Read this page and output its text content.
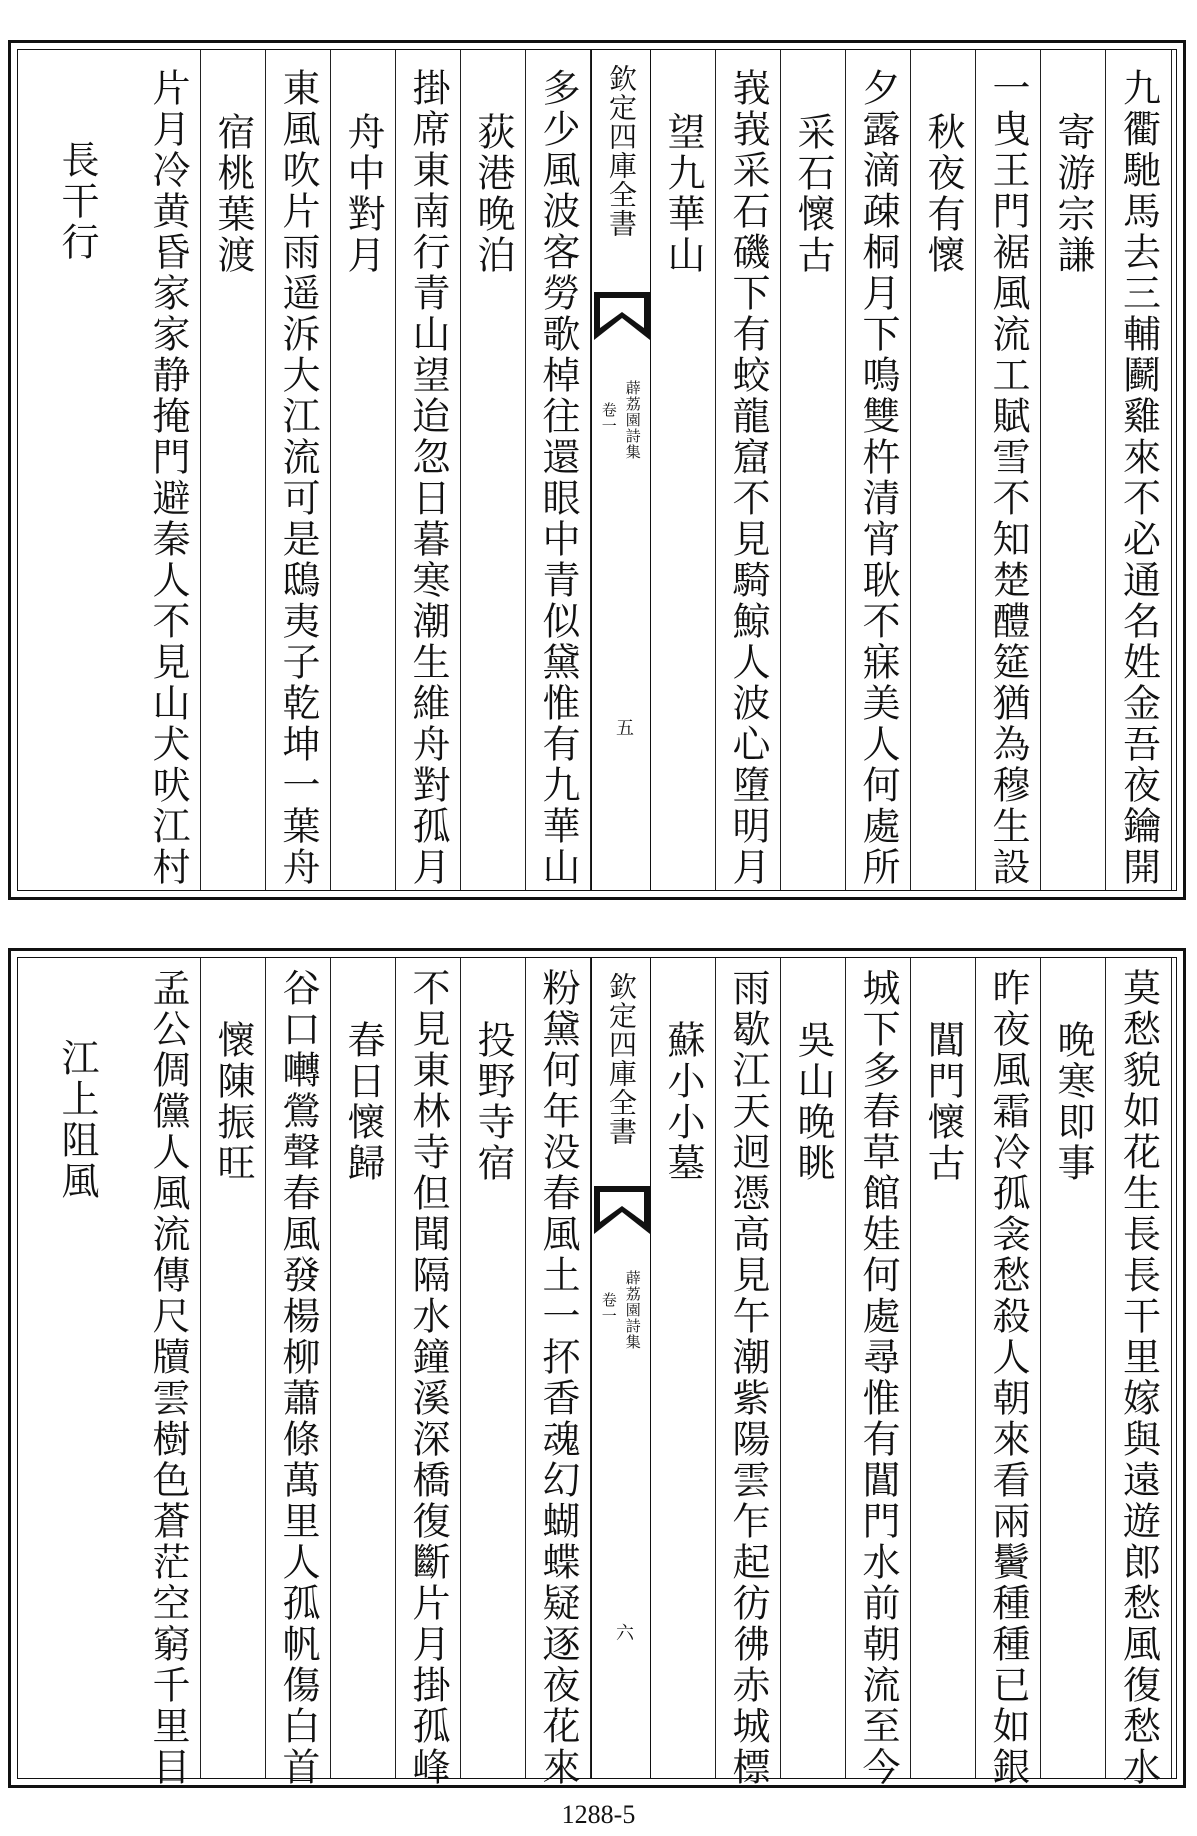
九衢馳馬去三輔鬬雞來不必通名姓金吾夜鑰開
寄游宗謙
一曳王門裾風流工賦雪不知楚醴筵猶為穆生設
秋夜有懷
夕露滴疎桐月下鳴雙杵清宵耿不寐美人何處所
采石懷古
峩峩采石磯下有蛟龍窟不見騎鯨人波心墮明月
望九華山
欽定四庫全書
薜荔園詩集
卷一
五
多少風波客勞歌棹往還眼中青似黛惟有九華山
荻港晚泊
掛席東南行青山望迨忽日暮寒潮生維舟對孤月
舟中對月
東風吹片雨遥泝大江流可是鴟夷子乾坤一葉舟
宿桃葉渡
片月冷黄昏家家静掩門避秦人不見山犬吠江村
長干行
莫愁貌如花生長長干里嫁與遠遊郎愁風復愁水
晚寒即事
昨夜風霜冷孤衾愁殺人朝來看兩鬢種種已如銀
閶門懷古
城下多春草館娃何處尋惟有閶門水前朝流至今
吳山晚眺
雨歇江天迥憑高見午潮紫陽雲乍起彷彿赤城標
蘇小小墓
欽定四庫全書
薜荔園詩集
卷一
六
粉黛何年没春風土一抔香魂幻蝴蝶疑逐夜花來
投野寺宿
不見東林寺但聞隔水鐘溪深橋復斷片月掛孤峰
春日懷歸
谷口囀鶯聲春風發楊柳蕭條萬里人孤帆傷白首
懷陳振旺
孟公倜儻人風流傳尺牘雲樹色蒼茫空窮千里目
江上阻風
1288-5
